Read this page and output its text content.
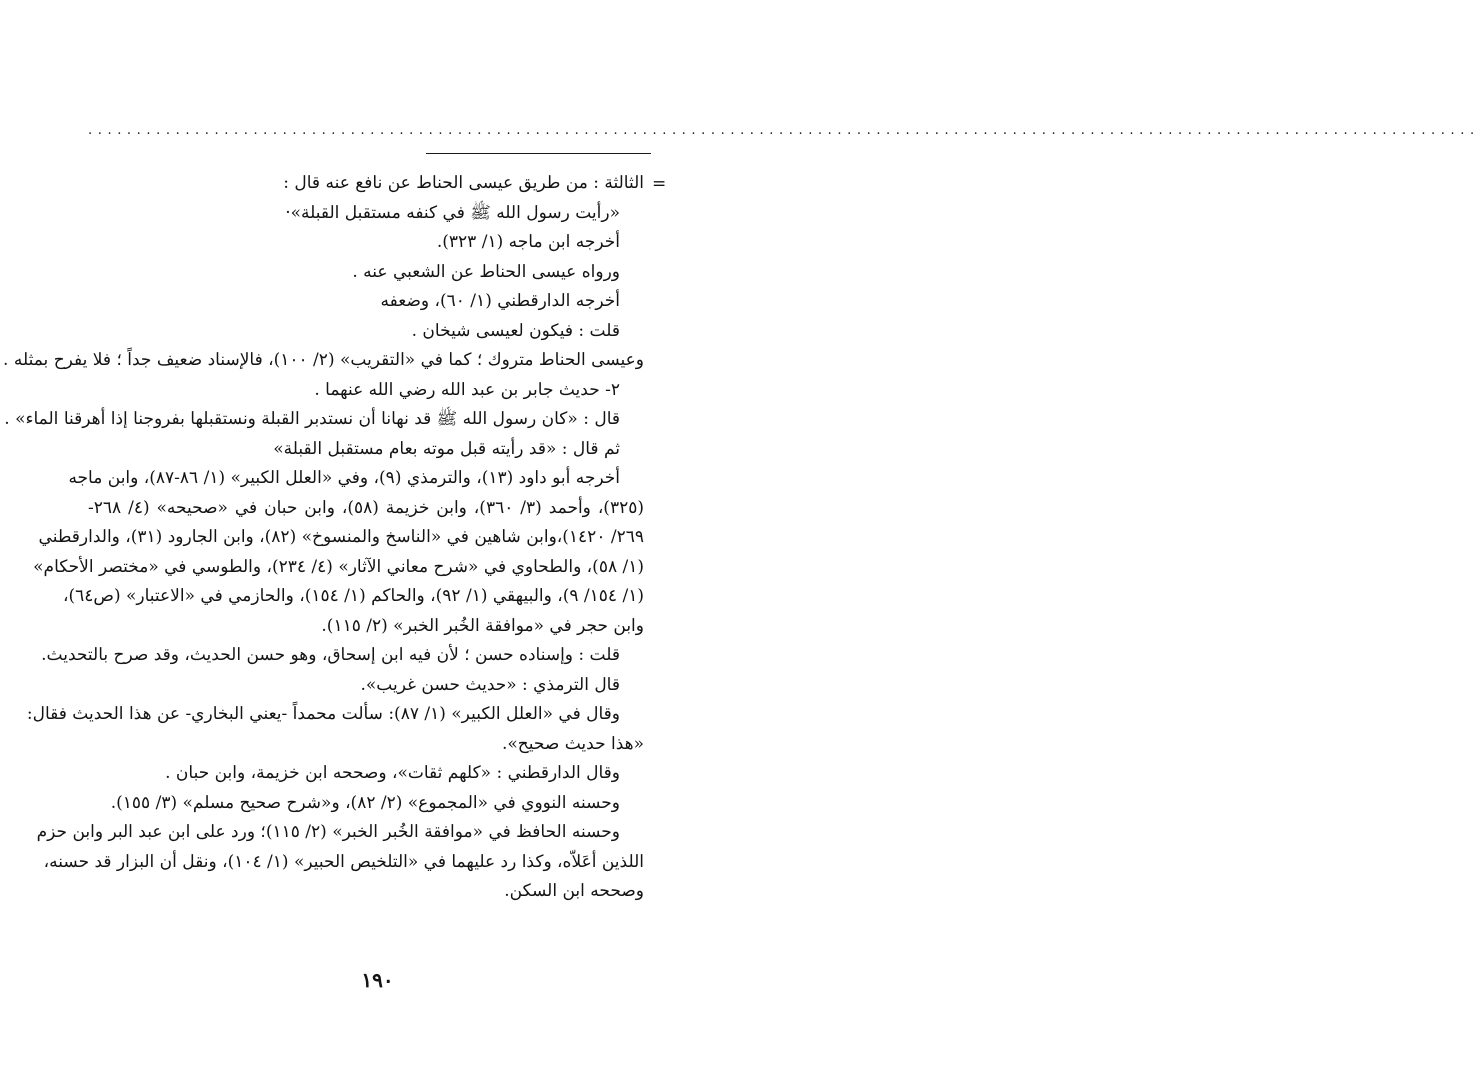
...............................................................................................................................................
=
الثالثة : من طريق عيسى الحناط عن نافع عنه قال :
«رأيت رسول الله ﷺ في كنفه مستقبل القبلة»·
أخرجه ابن ماجه (١/ ٣٢٣).
ورواه عيسى الحناط عن الشعبي عنه .
أخرجه الدارقطني (١/ ٦٠)، وضعفه
قلت : فيكون لعيسى شيخان .
وعيسى الحناط متروك ؛ كما في «التقريب» (٢/ ١٠٠)، فالإسناد ضعيف جداً ؛ فلا يفرح بمثله .
٢- حديث جابر بن عبد الله رضي الله عنهما .
قال : «كان رسول الله ﷺ قد نهانا أن نستدبر القبلة ونستقبلها بفروجنا إذا أهرقنا الماء» .
ثم قال : «قد رأيته قبل موته بعام مستقبل القبلة»
أخرجه أبو داود (١٣)، والترمذي (٩)، وفي «العلل الكبير» (١/ ٨٦-٨٧)، وابن ماجه
(٣٢٥)، وأحمد (٣/ ٣٦٠)، وابن خزيمة (٥٨)، وابن حبان في «صحيحه» (٤/ ٢٦٨-
٢٦٩/ ١٤٢٠)،وابن شاهين في «الناسخ والمنسوخ» (٨٢)، وابن الجارود (٣١)، والدارقطني
(١/ ٥٨)، والطحاوي في «شرح معاني الآثار» (٤/ ٢٣٤)، والطوسي في «مختصر الأحكام»
(١/ ١٥٤/ ٩)، والبيهقي (١/ ٩٢)، والحاكم (١/ ١٥٤)، والحازمي في «الاعتبار» (ص٦٤)،
وابن حجر في «موافقة الخُبر الخبر» (٢/ ١١٥).
قلت : وإسناده حسن ؛ لأن فيه ابن إسحاق، وهو حسن الحديث، وقد صرح بالتحديث.
قال الترمذي : «حديث حسن غريب».
وقال في «العلل الكبير» (١/ ٨٧): سألت محمداً -يعني البخاري- عن هذا الحديث فقال:
«هذا حديث صحيح».
وقال الدارقطني : «كلهم ثقات»، وصححه ابن خزيمة، وابن حبان .
وحسنه النووي في «المجموع» (٢/ ٨٢)، و«شرح صحيح مسلم» (٣/ ١٥٥).
وحسنه الحافظ في «موافقة الخُبر الخبر» (٢/ ١١٥)؛ ورد على ابن عبد البر وابن حزم
اللذين أعَلاّه، وكذا رد عليهما في «التلخيص الحبير» (١/ ١٠٤)، ونقل أن البزار قد حسنه،
وصححه ابن السكن.
١٩٠
